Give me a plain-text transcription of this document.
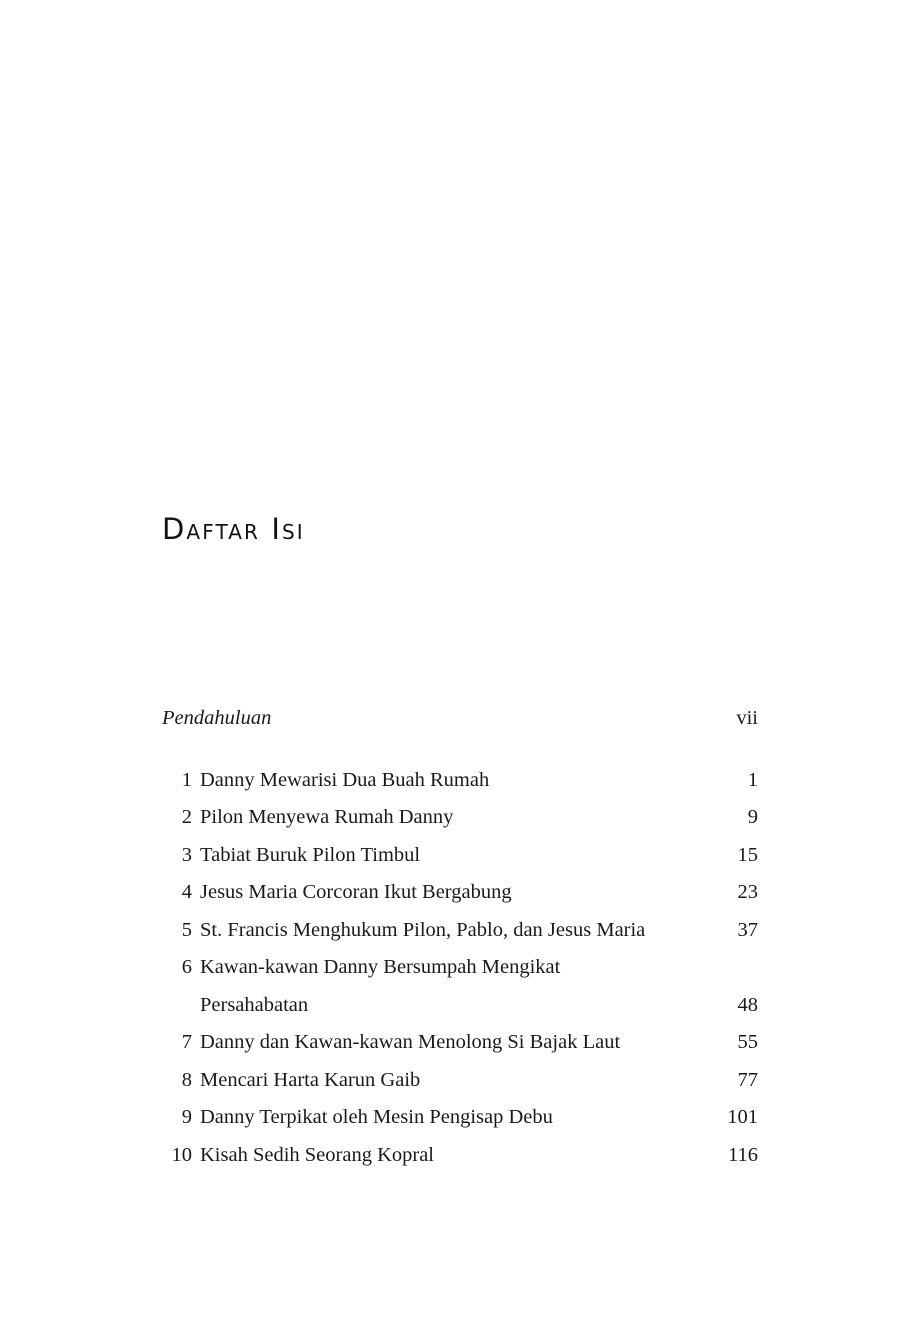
Daftar Isi
Pendahuluan	vii
1 Danny Mewarisi Dua Buah Rumah	1
2 Pilon Menyewa Rumah Danny	9
3 Tabiat Buruk Pilon Timbul	15
4 Jesus Maria Corcoran Ikut Bergabung	23
5 St. Francis Menghukum Pilon, Pablo, dan Jesus Maria	37
6 Kawan-kawan Danny Bersumpah Mengikat
Persahabatan	48
7 Danny dan Kawan-kawan Menolong Si Bajak Laut	55
8 Mencari Harta Karun Gaib	77
9 Danny Terpikat oleh Mesin Pengisap Debu	101
10 Kisah Sedih Seorang Kopral	116
